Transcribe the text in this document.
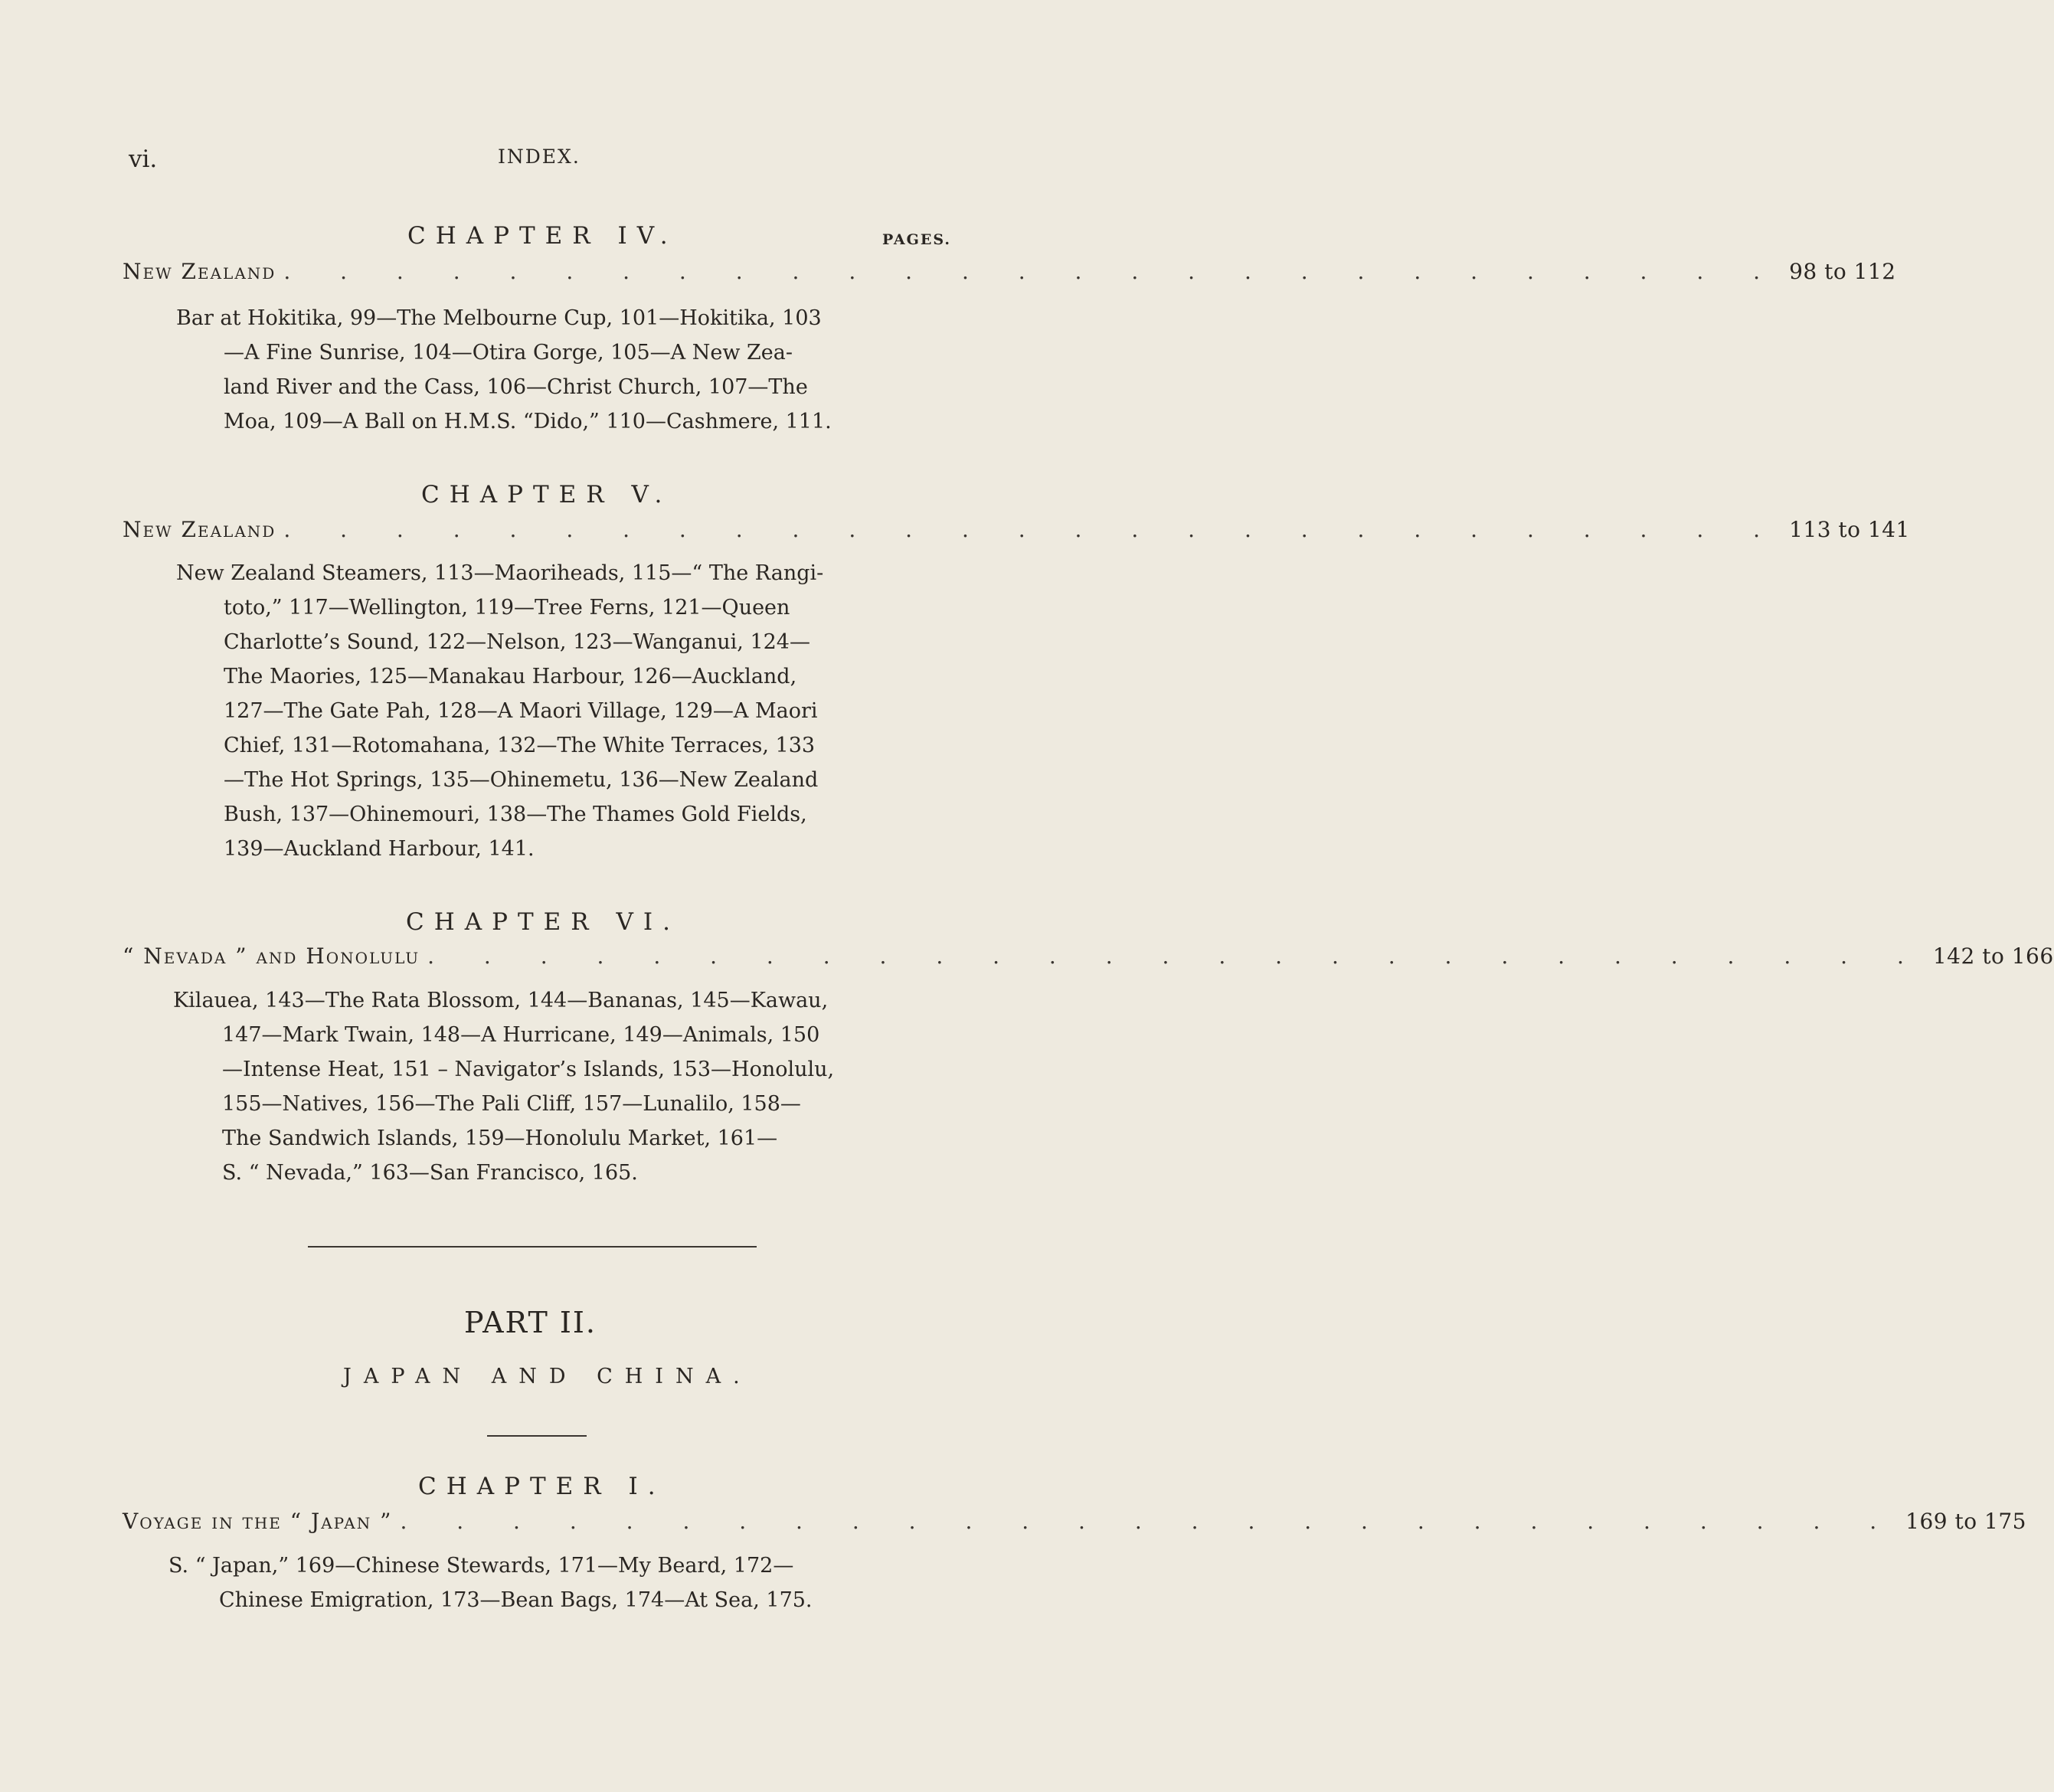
vi.	INDEX.
CHAPTER IV.	PAGES.
New Zealand . . . . . . . . . . . . . . . . . . . . . . . . . . . 98 to 112
Bar at Hokitika, 99—The Melbourne Cup, 101—Hokitika, 103
—A Fine Sunrise, 104—Otira Gorge, 105—A New Zea-
land River and the Cass, 106—Christ Church, 107—The
Moa, 109—A Ball on H.M.S. “Dido,” 110—Cashmere, 111.
CHAPTER V.
New Zealand . . . . . . . . . . . . . . . . . . . . . . . . . . . 113 to 141
New Zealand Steamers, 113—Maoriheads, 115—“ The Rangi-
toto,” 117—Wellington, 119—Tree Ferns, 121—Queen
Charlotte’s Sound, 122—Nelson, 123—Wanganui, 124—
The Maories, 125—Manakau Harbour, 126—Auckland,
127—The Gate Pah, 128—A Maori Village, 129—A Maori
Chief, 131—Rotomahana, 132—The White Terraces, 133
—The Hot Springs, 135—Ohinemetu, 136—New Zealand
Bush, 137—Ohinemouri, 138—The Thames Gold Fields,
139—Auckland Harbour, 141.
CHAPTER VI.
“ Nevada ” and Honolulu . . . . . . . . . . . . . . . . . . . . . . . . . . . 142 to 166
Kilauea, 143—The Rata Blossom, 144—Bananas, 145—Kawau,
147—Mark Twain, 148—A Hurricane, 149—Animals, 150
—Intense Heat, 151 – Navigator’s Islands, 153—Honolulu,
155—Natives, 156—The Pali Cliff, 157—Lunalilo, 158—
The Sandwich Islands, 159—Honolulu Market, 161—
S. “ Nevada,” 163—San Francisco, 165.
PART II.
JAPAN AND CHINA.
CHAPTER I.
Voyage in the “ Japan ” . . . . . . . . . . . . . . . . . . . . . . . . . . . 169 to 175
S. “ Japan,” 169—Chinese Stewards, 171—My Beard, 172—
Chinese Emigration, 173—Bean Bags, 174—At Sea, 175.
